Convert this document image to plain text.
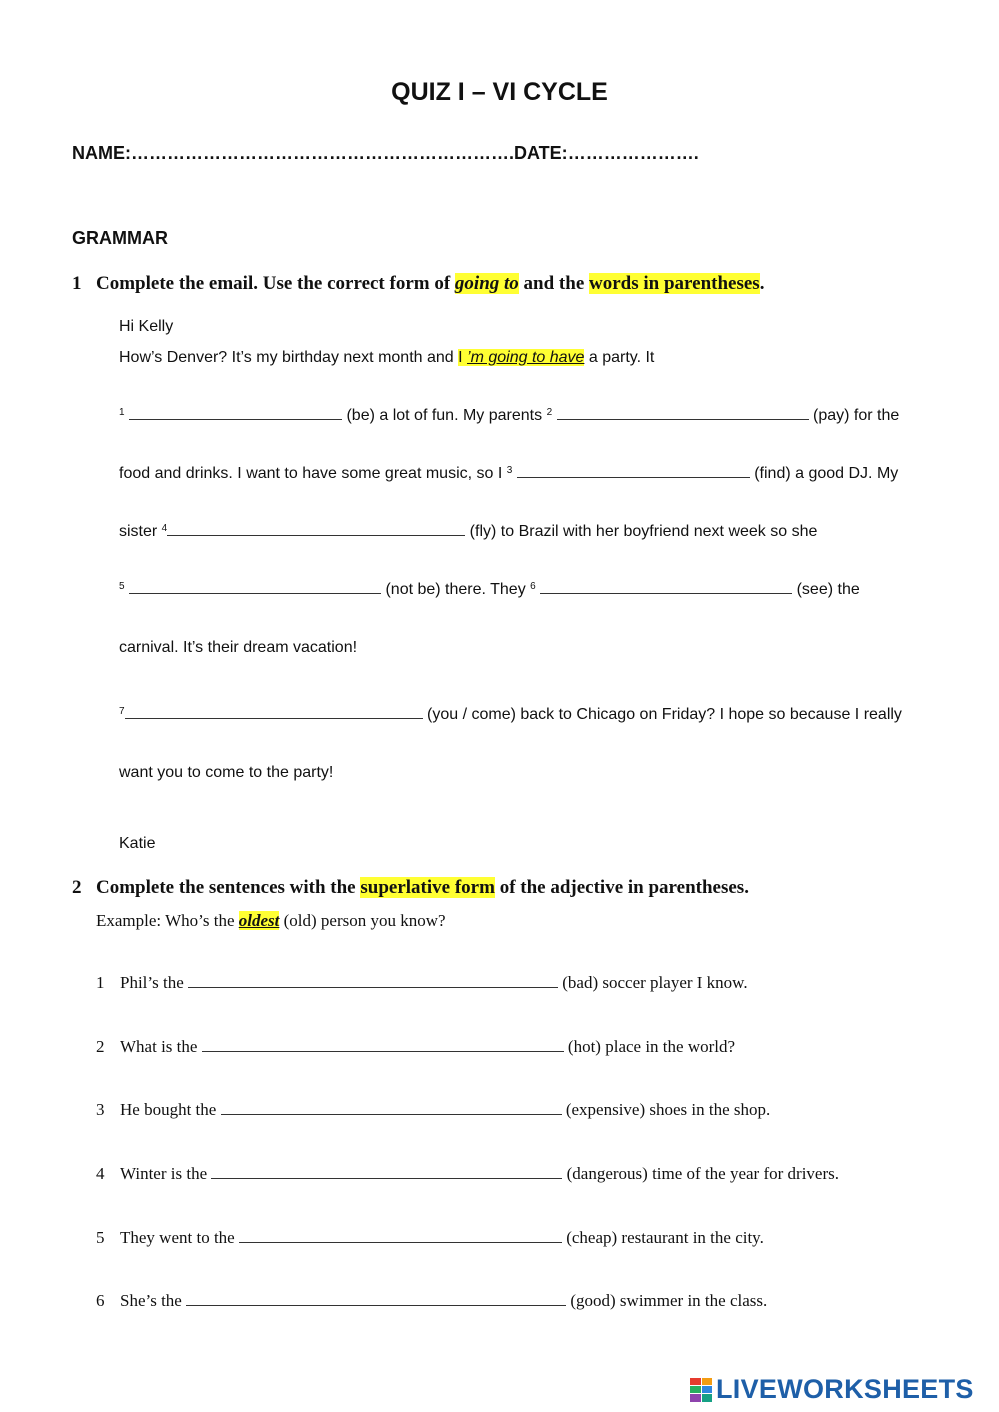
QUIZ I – VI CYCLE
NAME:……………………………………………………….DATE:………………….
GRAMMAR
1 Complete the email. Use the correct form of going to and the words in parentheses.
Hi Kelly
How’s Denver? It’s my birthday next month and I ’m going to have a party. It
$^1$	(be) a lot of fun. My parents $^2$	(pay) for the
food and drinks. I want to have some great music, so I $^3$	(find) a good DJ. My
sister $^4$	(fly) to Brazil with her boyfriend next week so she
$^5$	(not be) there. They $^6$	(see) the
carnival. It’s their dream vacation!
$^7$	(you / come) back to Chicago on Friday? I hope so because I really
want you to come to the party!
Katie
2 Complete the sentences with the superlative form of the adjective in parentheses.
Example: Who’s the oldest (old) person you know?
1 Phil’s the	(bad) soccer player I know.
2 What is the	(hot) place in the world?
3 He bought the	(expensive) shoes in the shop.
4 Winter is the	(dangerous) time of the year for drivers.
5 They went to the	(cheap) restaurant in the city.
6 She’s the	(good) swimmer in the class.
LIVEWORKSHEETS
